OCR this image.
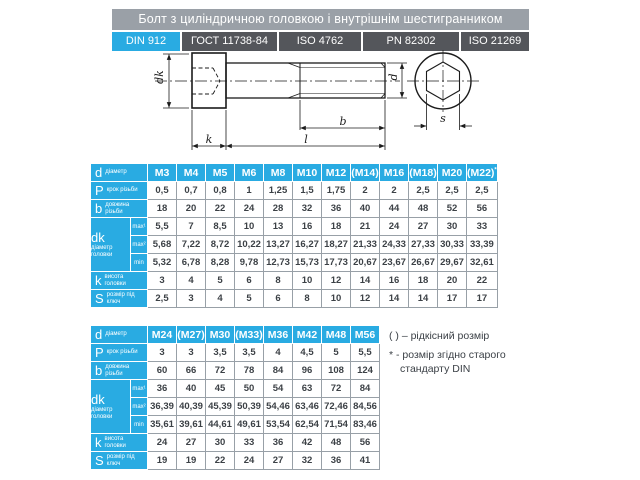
Болт з циліндричною головкою і внутрішнім шестигранником
DIN 912	ГОСТ 11738-84	ISO 4762	PN 82302	ISO 21269
dk
k	l
b
d
s
d діаметр		M3	M4	M5	M6	M8	M10	M12	(M14)	M16	(M18)	M20	(M22)*

P крок різьби		0,5	0,7	0,8	1	1,25	1,5	1,75	2	2	2,5	2,5	2,5

b довжина різьби		18	20	22	24	28	32	36	40	44	48	52	56

dk
діаметр головки	max¹	5,5	7	8,5	10	13	16	18	21	24	27	30	33
	max²	5,68	7,22	8,72	10,22	13,27	16,27	18,27	21,33	24,33	27,33	30,33	33,39
	min	5,32	6,78	8,28	9,78	12,73	15,73	17,73	20,67	23,67	26,67	29,67	32,61

k висота головки		3	4	5	6	8	10	12	14	16	18	20	22

S розмір під ключ		2,5	3	4	5	6	8	10	12	14	14	17	17
d діаметр		M24	(M27)	M30	(M33)	M36	M42	M48	M56

P крок різьби		3	3	3,5	3,5	4	4,5	5	5,5

b довжина різьби		60	66	72	78	84	96	108	124

dk
діаметр головки	max¹	36	40	45	50	54	63	72	84
	max²	36,39	40,39	45,39	50,39	54,46	63,46	72,46	84,56
	min	35,61	39,61	44,61	49,61	53,54	62,54	71,54	83,46

k висота головки		24	27	30	33	36	42	48	56

S розмір під ключ		19	19	22	24	27	32	36	41
( ) – рідкісний розмір
* - розмір згідно старого стандарту DIN
